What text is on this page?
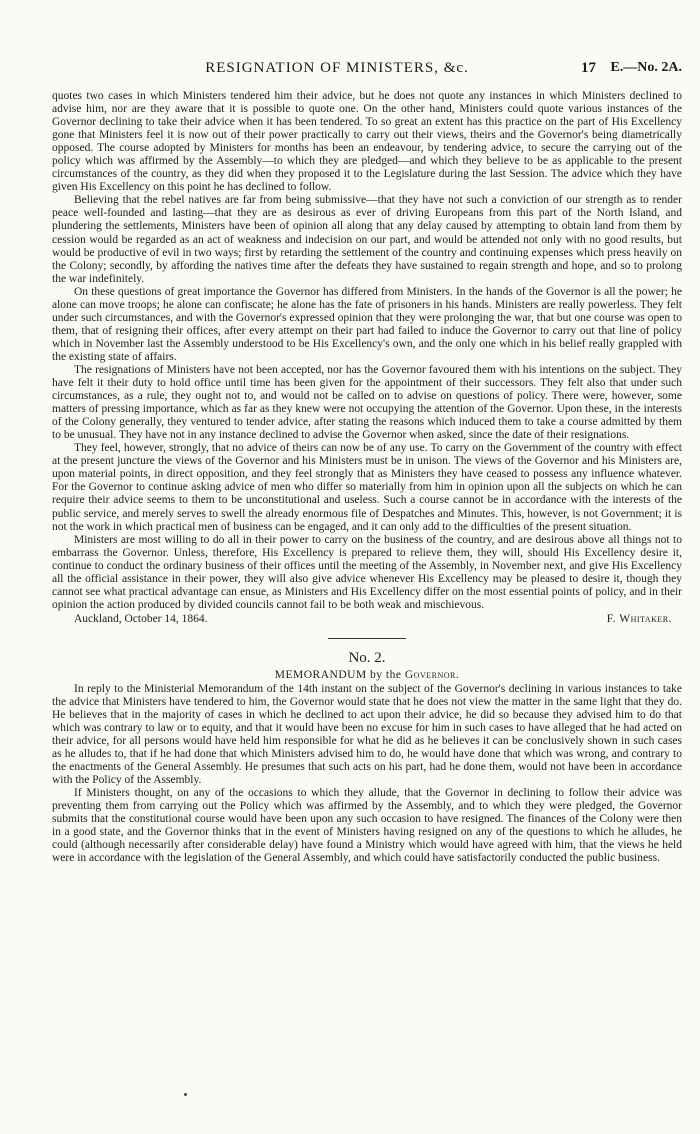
RESIGNATION OF MINISTERS, &c.	17 E.—No. 2A.

quotes two cases in which Ministers tendered him their advice, but he does not quote any instances in which Ministers declined to advise him, nor are they aware that it is possible to quote one. On the other hand, Ministers could quote various instances of the Governor declining to take their advice when it has been tendered. To so great an extent has this practice on the part of His Excellency gone that Ministers feel it is now out of their power practically to carry out their views, theirs and the Governor's being diametrically opposed. The course adopted by Ministers for months has been an endeavour, by tendering advice, to secure the carrying out of the policy which was affirmed by the Assembly—to which they are pledged—and which they believe to be as applicable to the present circumstances of the country, as they did when they proposed it to the Legislature during the last Session. The advice which they have given His Excellency on this point he has declined to follow.

Believing that the rebel natives are far from being submissive—that they have not such a conviction of our strength as to render peace well-founded and lasting—that they are as desirous as ever of driving Europeans from this part of the North Island, and plundering the settlements, Ministers have been of opinion all along that any delay caused by attempting to obtain land from them by cession would be regarded as an act of weakness and indecision on our part, and would be attended not only with no good results, but would be productive of evil in two ways; first by retarding the settlement of the country and continuing expenses which press heavily on the Colony; secondly, by affording the natives time after the defeats they have sustained to regain strength and hope, and so to prolong the war indefinitely.

On these questions of great importance the Governor has differed from Ministers. In the hands of the Governor is all the power; he alone can move troops; he alone can confiscate; he alone has the fate of prisoners in his hands. Ministers are really powerless. They felt under such circumstances, and with the Governor's expressed opinion that they were prolonging the war, that but one course was open to them, that of resigning their offices, after every attempt on their part had failed to induce the Governor to carry out that line of policy which in November last the Assembly understood to be His Excellency's own, and the only one which in his belief really grappled with the existing state of affairs.

The resignations of Ministers have not been accepted, nor has the Governor favoured them with his intentions on the subject. They have felt it their duty to hold office until time has been given for the appointment of their successors. They felt also that under such circumstances, as a rule, they ought not to, and would not be called on to advise on questions of policy. There were, however, some matters of pressing importance, which as far as they knew were not occupying the attention of the Governor. Upon these, in the interests of the Colony generally, they ventured to tender advice, after stating the reasons which induced them to take a course admitted by them to be unusual. They have not in any instance declined to advise the Governor when asked, since the date of their resignations.

They feel, however, strongly, that no advice of theirs can now be of any use. To carry on the Government of the country with effect at the present juncture the views of the Governor and his Ministers must be in unison. The views of the Governor and his Ministers are, upon material points, in direct opposition, and they feel strongly that as Ministers they have ceased to possess any influence whatever. For the Governor to continue asking advice of men who differ so materially from him in opinion upon all the subjects on which he can require their advice seems to them to be unconstitutional and useless. Such a course cannot be in accordance with the interests of the public service, and merely serves to swell the already enormous file of Despatches and Minutes. This, however, is not Government; it is not the work in which practical men of business can be engaged, and it can only add to the difficulties of the present situation.

Ministers are most willing to do all in their power to carry on the business of the country, and are desirous above all things not to embarrass the Governor. Unless, therefore, His Excellency is prepared to relieve them, they will, should His Excellency desire it, continue to conduct the ordinary business of their offices until the meeting of the Assembly, in November next, and give His Excellency all the official assistance in their power, they will also give advice whenever His Excellency may be pleased to desire it, though they cannot see what practical advantage can ensue, as Ministers and His Excellency differ on the most essential points of policy, and in their opinion the action produced by divided councils cannot fail to be both weak and mischievous.

Auckland, October 14, 1864.	F. Whitaker.
No. 2.
MEMORANDUM by the Governor.

In reply to the Ministerial Memorandum of the 14th instant on the subject of the Governor's declining in various instances to take the advice that Ministers have tendered to him, the Governor would state that he does not view the matter in the same light that they do. He believes that in the majority of cases in which he declined to act upon their advice, he did so because they advised him to do that which was contrary to law or to equity, and that it would have been no excuse for him in such cases to have alleged that he had acted on their advice, for all persons would have held him responsible for what he did as he believes it can be conclusively shown in such cases as he alludes to, that if he had done that which Ministers advised him to do, he would have done that which was wrong, and contrary to the enactments of the General Assembly. He presumes that such acts on his part, had he done them, would not have been in accordance with the Policy of the Assembly.

If Ministers thought, on any of the occasions to which they allude, that the Governor in declining to follow their advice was preventing them from carrying out the Policy which was affirmed by the Assembly, and to which they were pledged, the Governor submits that the constitutional course would have been upon any such occasion to have resigned. The finances of the Colony were then in a good state, and the Governor thinks that in the event of Ministers having resigned on any of the questions to which he alludes, he could (although necessarily after considerable delay) have found a Ministry which would have agreed with him, that the views he held were in accordance with the legislation of the General Assembly, and which could have satisfactorily conducted the public business.
